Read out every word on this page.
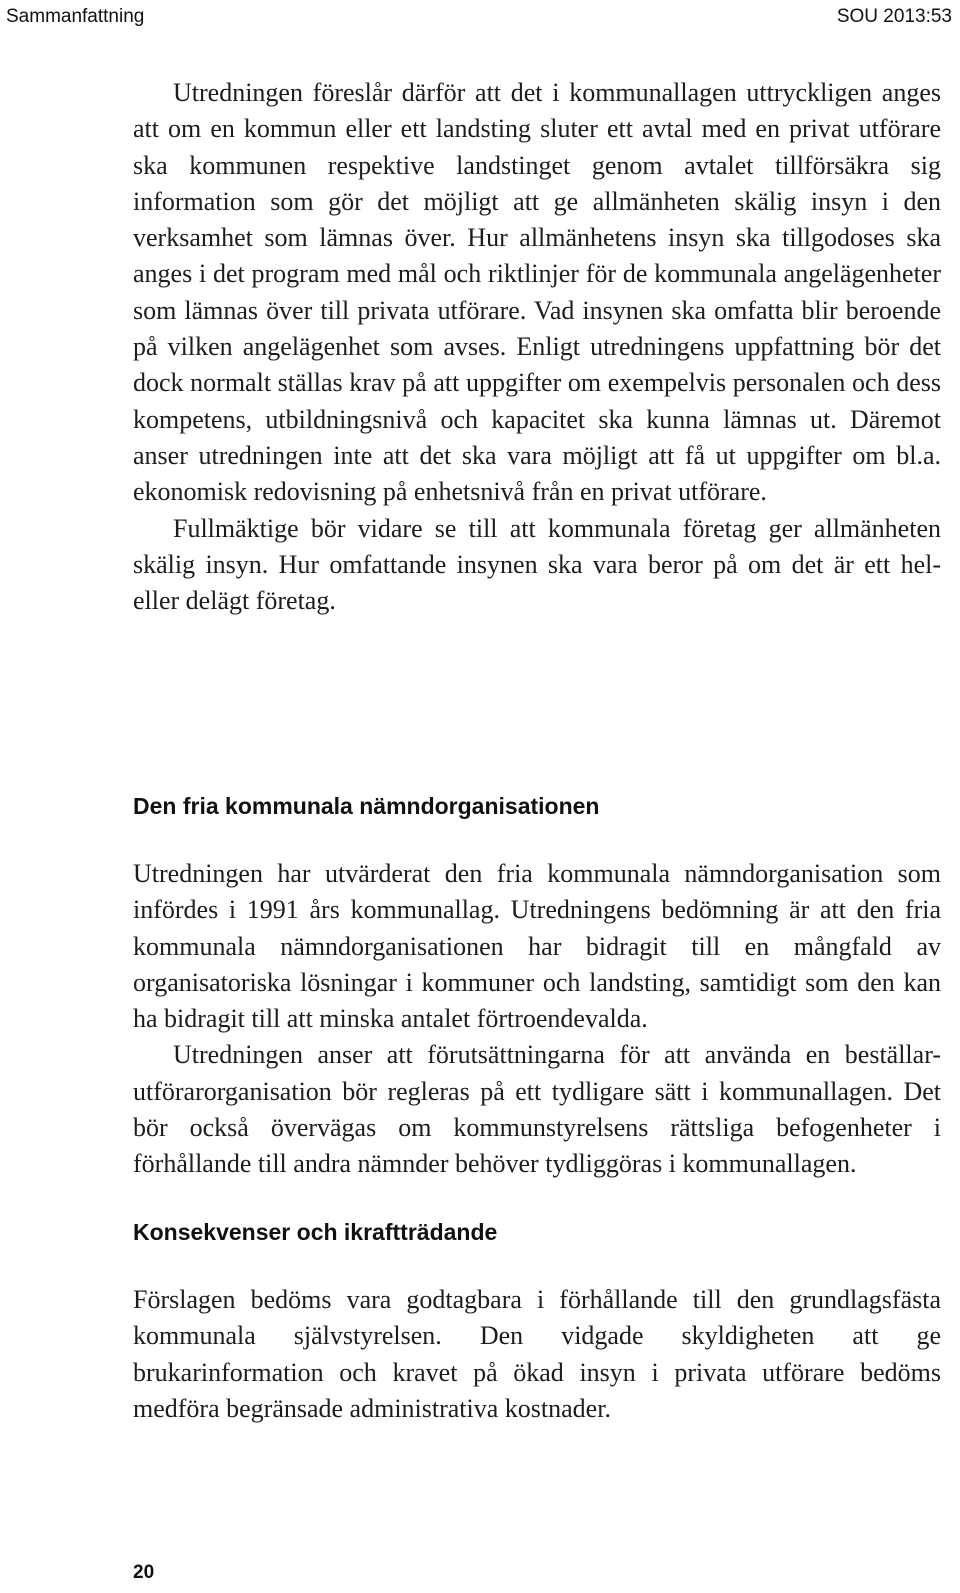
Sammanfattning	SOU 2013:53

Utredningen föreslår därför att det i kommunallagen uttryckligen anges att om en kommun eller ett landsting sluter ett avtal med en privat utförare ska kommunen respektive landstinget genom avtalet tillförsäkra sig information som gör det möjligt att ge allmänheten skälig insyn i den verksamhet som lämnas över. Hur allmänhetens insyn ska tillgodoses ska anges i det program med mål och riktlinjer för de kommunala angelägenheter som lämnas över till privata utförare. Vad insynen ska omfatta blir beroende på vilken angelägenhet som avses. Enligt utredningens uppfattning bör det dock normalt ställas krav på att uppgifter om exempelvis personalen och dess kompetens, utbildningsnivå och kapacitet ska kunna lämnas ut. Däremot anser utredningen inte att det ska vara möjligt att få ut uppgifter om bl.a. ekonomisk redovisning på enhetsnivå från en privat utförare.

Fullmäktige bör vidare se till att kommunala företag ger allmänheten skälig insyn. Hur omfattande insynen ska vara beror på om det är ett hel- eller delägt företag.

Den fria kommunala nämndorganisationen

Utredningen har utvärderat den fria kommunala nämndorganisation som infördes i 1991 års kommunallag. Utredningens bedömning är att den fria kommunala nämndorganisationen har bidragit till en mångfald av organisatoriska lösningar i kommuner och landsting, samtidigt som den kan ha bidragit till att minska antalet förtroendevalda.

Utredningen anser att förutsättningarna för att använda en beställar-utförarorganisation bör regleras på ett tydligare sätt i kommunallagen. Det bör också övervägas om kommunstyrelsens rättsliga befogenheter i förhållande till andra nämnder behöver tydliggöras i kommunallagen.

Konsekvenser och ikraftträdande

Förslagen bedöms vara godtagbara i förhållande till den grundlagsfästa kommunala självstyrelsen. Den vidgade skyldigheten att ge brukarinformation och kravet på ökad insyn i privata utförare bedöms medföra begränsade administrativa kostnader.

20
